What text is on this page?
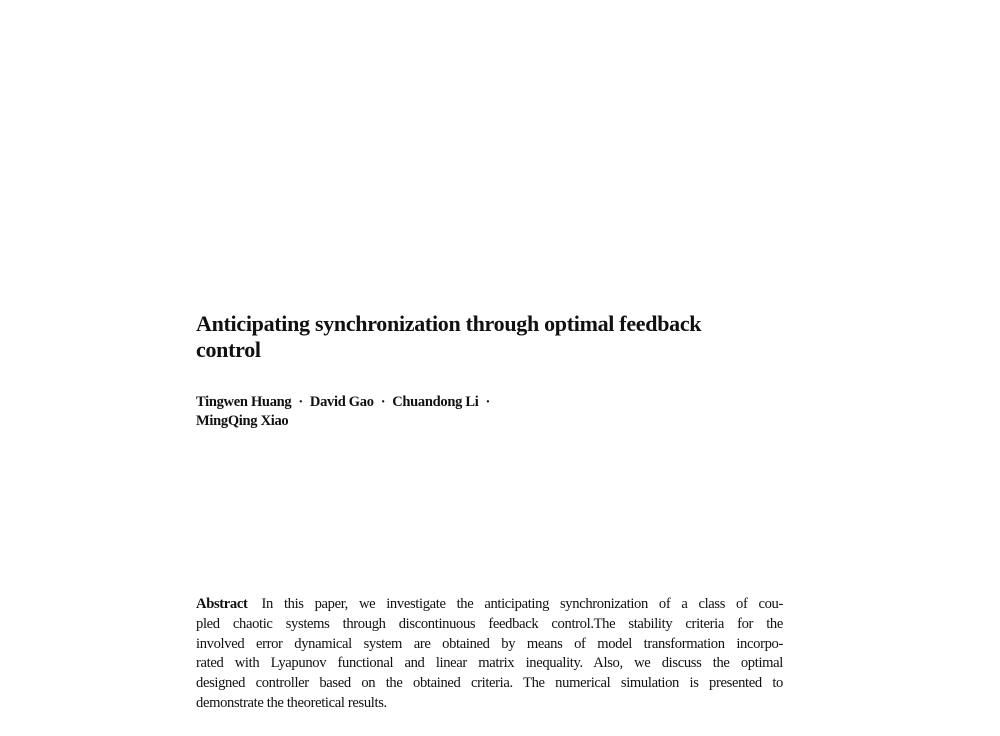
Anticipating synchronization through optimal feedback
control
Tingwen Huang · David Gao · Chuandong Li ·
MingQing Xiao
Abstract In this paper, we investigate the anticipating synchronization of a class of cou-
pled chaotic systems through discontinuous feedback control.The stability criteria for the
involved error dynamical system are obtained by means of model transformation incorpo-
rated with Lyapunov functional and linear matrix inequality. Also, we discuss the optimal
designed controller based on the obtained criteria. The numerical simulation is presented to
demonstrate the theoretical results.
